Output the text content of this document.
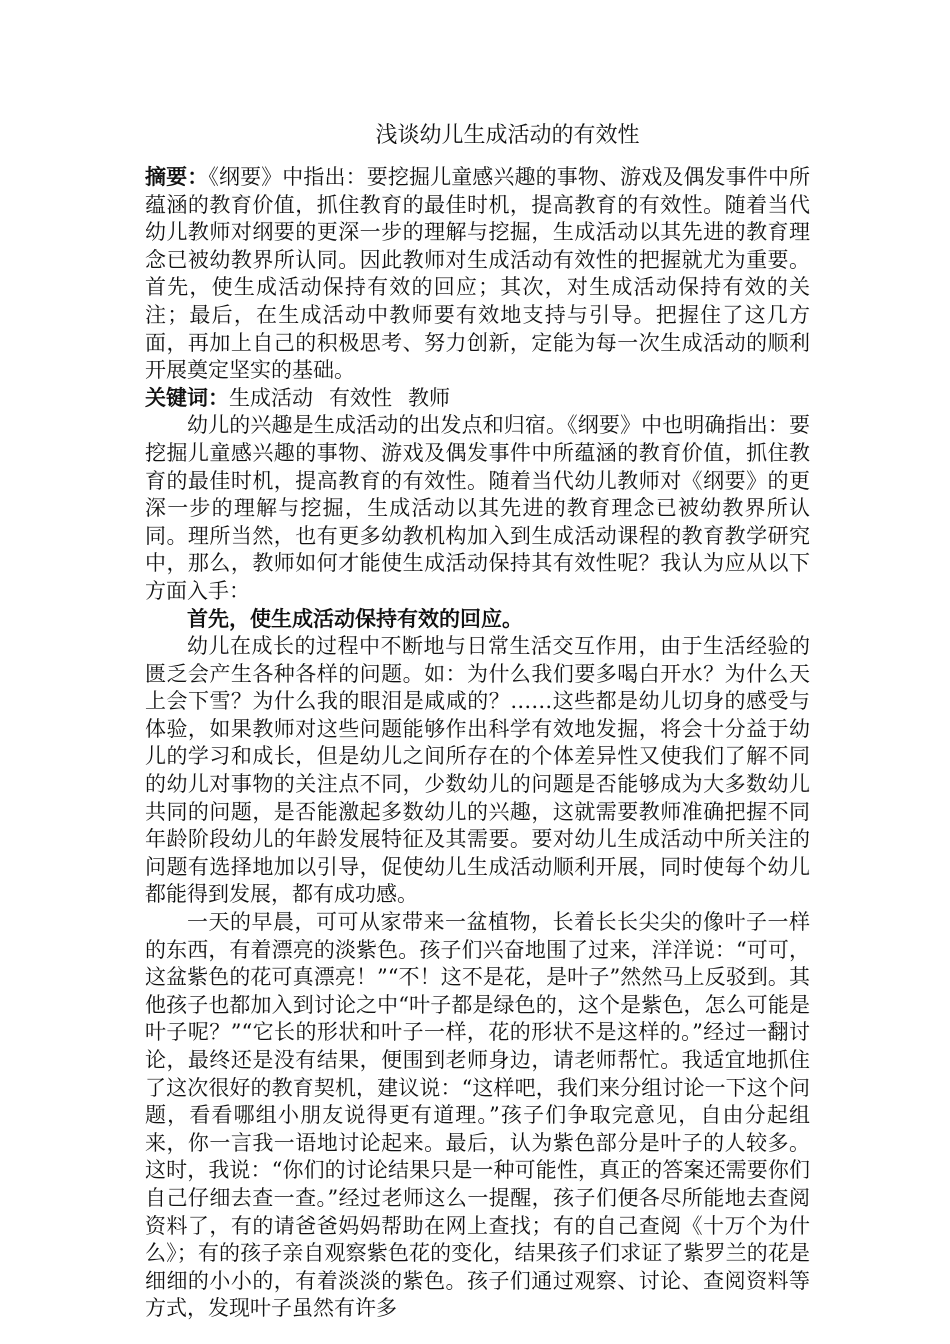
浅谈幼儿生成活动的有效性

摘要：《纲要》中指出：要挖掘儿童感兴趣的事物、游戏及偶发事件中所蕴涵的教育价值，抓住教育的最佳时机，提高教育的有效性。随着当代幼儿教师对纲要的更深一步的理解与挖掘，生成活动以其先进的教育理念已被幼教界所认同。因此教师对生成活动有效性的把握就尤为重要。首先，使生成活动保持有效的回应；其次，对生成活动保持有效的关注；最后，在生成活动中教师要有效地支持与引导。把握住了这几方面，再加上自己的积极思考、努力创新，定能为每一次生成活动的顺利开展奠定坚实的基础。

关键词：生成活动 有效性 教师

幼儿的兴趣是生成活动的出发点和归宿。《纲要》中也明确指出：要挖掘儿童感兴趣的事物、游戏及偶发事件中所蕴涵的教育价值，抓住教育的最佳时机，提高教育的有效性。随着当代幼儿教师对《纲要》的更深一步的理解与挖掘，生成活动以其先进的教育理念已被幼教界所认同。理所当然，也有更多幼教机构加入到生成活动课程的教育教学研究中，那么，教师如何才能使生成活动保持其有效性呢？我认为应从以下方面入手：

首先，使生成活动保持有效的回应。

幼儿在成长的过程中不断地与日常生活交互作用，由于生活经验的匮乏会产生各种各样的问题。如：为什么我们要多喝白开水？为什么天上会下雪？为什么我的眼泪是咸咸的？……这些都是幼儿切身的感受与体验，如果教师对这些问题能够作出科学有效地发掘，将会十分益于幼儿的学习和成长，但是幼儿之间所存在的个体差异性又使我们了解不同的幼儿对事物的关注点不同，少数幼儿的问题是否能够成为大多数幼儿共同的问题，是否能激起多数幼儿的兴趣，这就需要教师准确把握不同年龄阶段幼儿的年龄发展特征及其需要。要对幼儿生成活动中所关注的问题有选择地加以引导，促使幼儿生成活动顺利开展，同时使每个幼儿都能得到发展，都有成功感。

一天的早晨，可可从家带来一盆植物，长着长长尖尖的像叶子一样的东西，有着漂亮的淡紫色。孩子们兴奋地围了过来，洋洋说：“可可，这盆紫色的花可真漂亮！”“不！这不是花，是叶子”然然马上反驳到。其他孩子也都加入到讨论之中“叶子都是绿色的，这个是紫色，怎么可能是叶子呢？”“它长的形状和叶子一样，花的形状不是这样的。”经过一翻讨论，最终还是没有结果，便围到老师身边，请老师帮忙。我适宜地抓住了这次很好的教育契机，建议说：“这样吧，我们来分组讨论一下这个问题，看看哪组小朋友说得更有道理。”孩子们争取完意见，自由分起组来，你一言我一语地讨论起来。最后，认为紫色部分是叶子的人较多。这时，我说：“你们的讨论结果只是一种可能性，真正的答案还需要你们自己仔细去查一查。”经过老师这么一提醒，孩子们便各尽所能地去查阅资料了，有的请爸爸妈妈帮助在网上查找；有的自己查阅《十万个为什么》；有的孩子亲自观察紫色花的变化，结果孩子们求证了紫罗兰的花是细细的小小的，有着淡淡的紫色。孩子们通过观察、讨论、查阅资料等方式，发现叶子虽然有许多
